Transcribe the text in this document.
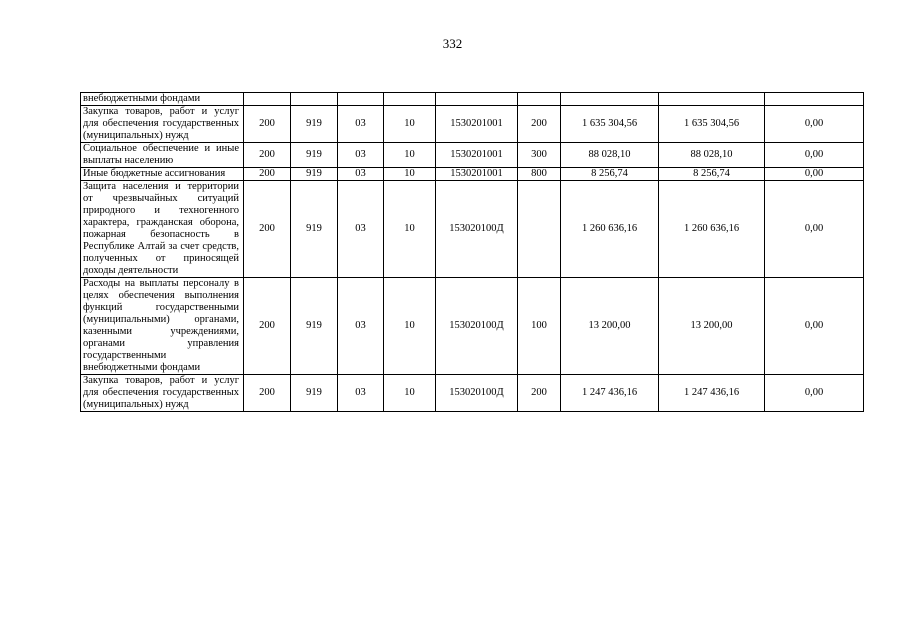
332
внебюджетными фондами									
Закупка товаров, работ и услуг для обеспечения государственных (муниципальных) нужд	200	919	03	10	1530201001	200	1 635 304,56	1 635 304,56	0,00
Социальное обеспечение и иные выплаты населению	200	919	03	10	1530201001	300	88 028,10	88 028,10	0,00
Иные бюджетные ассигнования	200	919	03	10	1530201001	800	8 256,74	8 256,74	0,00
Защита населения и территории от чрезвычайных ситуаций природного и техногенного характера, гражданская оборона, пожарная безопасность в Республике Алтай за счет средств, полученных от приносящей доходы деятельности	200	919	03	10	153020100Д		1 260 636,16	1 260 636,16	0,00
Расходы на выплаты персоналу в целях обеспечения выполнения функций государственными (муниципальными) органами, казенными учреждениями, органами управления государственными внебюджетными фондами	200	919	03	10	153020100Д	100	13 200,00	13 200,00	0,00
Закупка товаров, работ и услуг для обеспечения государственных (муниципальных) нужд	200	919	03	10	153020100Д	200	1 247 436,16	1 247 436,16	0,00
